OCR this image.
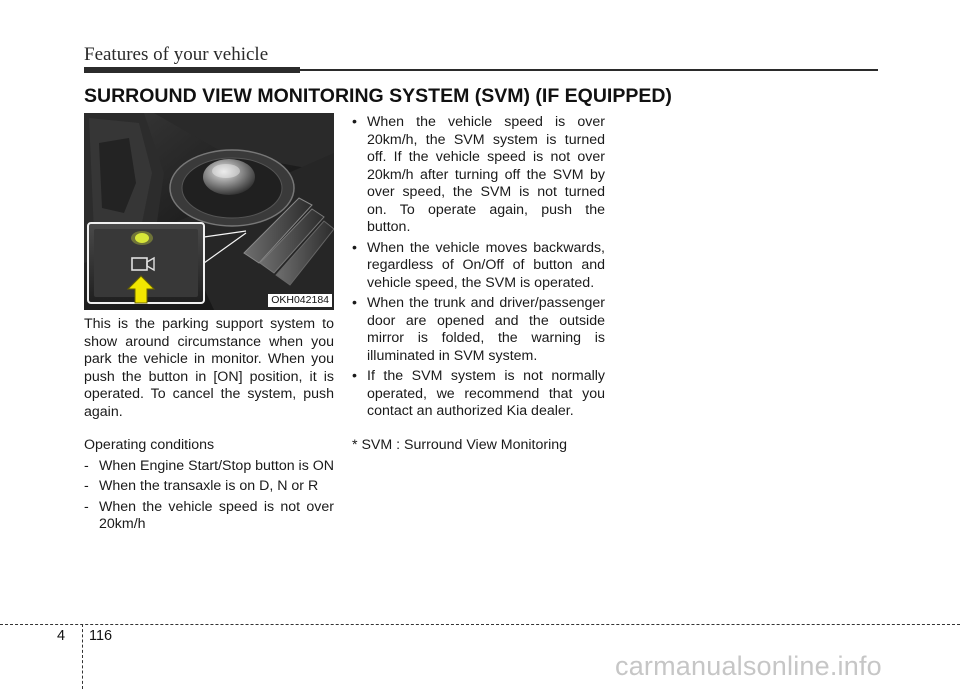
Features of your vehicle
SURROUND VIEW MONITORING SYSTEM (SVM) (IF EQUIPPED)
OKH042184

This is the parking support system to show around circumstance when you park the vehicle in monitor. When you push the button in [ON] position, it is operated. To cancel the system, push again.

Operating conditions

- When Engine Start/Stop button is ON
- When the transaxle is on D, N or R
- When the vehicle speed is not over 20km/h
• When the vehicle speed is over 20km/h, the SVM system is turned off. If the vehicle speed is not over 20km/h after turning off the SVM by over speed, the SVM is not turned on. To operate again, push the button.
• When the vehicle moves backwards, regardless of On/Off of button and vehicle speed, the SVM is operated.
• When the trunk and driver/passenger door are opened and the outside mirror is folded, the warning is illuminated in SVM system.
• If the SVM system is not normally operated, we recommend that you contact an authorized Kia dealer.

* SVM : Surround View Monitoring

4 116
carmanualsonline.info
